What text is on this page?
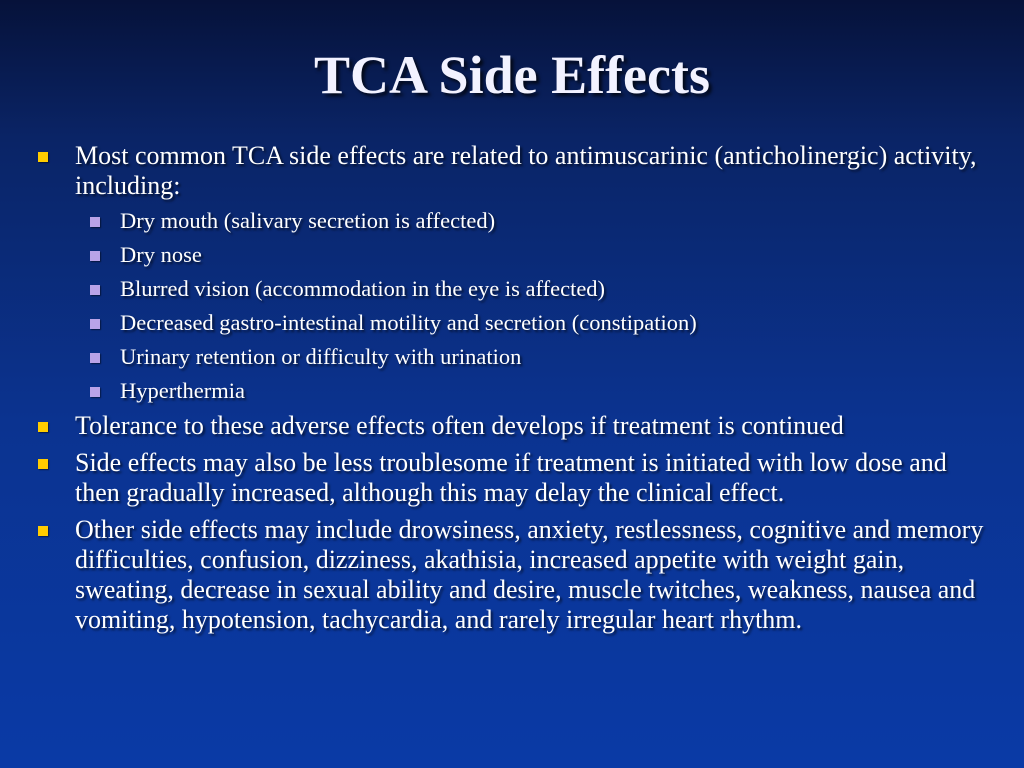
TCA Side Effects
Most common TCA side effects are related to antimuscarinic (anticholinergic) activity, including:
Dry mouth (salivary secretion is affected)
Dry nose
Blurred vision (accommodation in the eye is affected)
Decreased gastro-intestinal motility and secretion (constipation)
Urinary retention or difficulty with urination
Hyperthermia
Tolerance to these adverse effects often develops if treatment is continued
Side effects may also be less troublesome if treatment is initiated with low dose and then gradually increased, although this may delay the clinical effect.
Other side effects may include drowsiness, anxiety, restlessness, cognitive and memory difficulties, confusion, dizziness, akathisia, increased appetite with weight gain, sweating, decrease in sexual ability and desire, muscle twitches, weakness, nausea and vomiting, hypotension, tachycardia, and rarely irregular heart rhythm.
